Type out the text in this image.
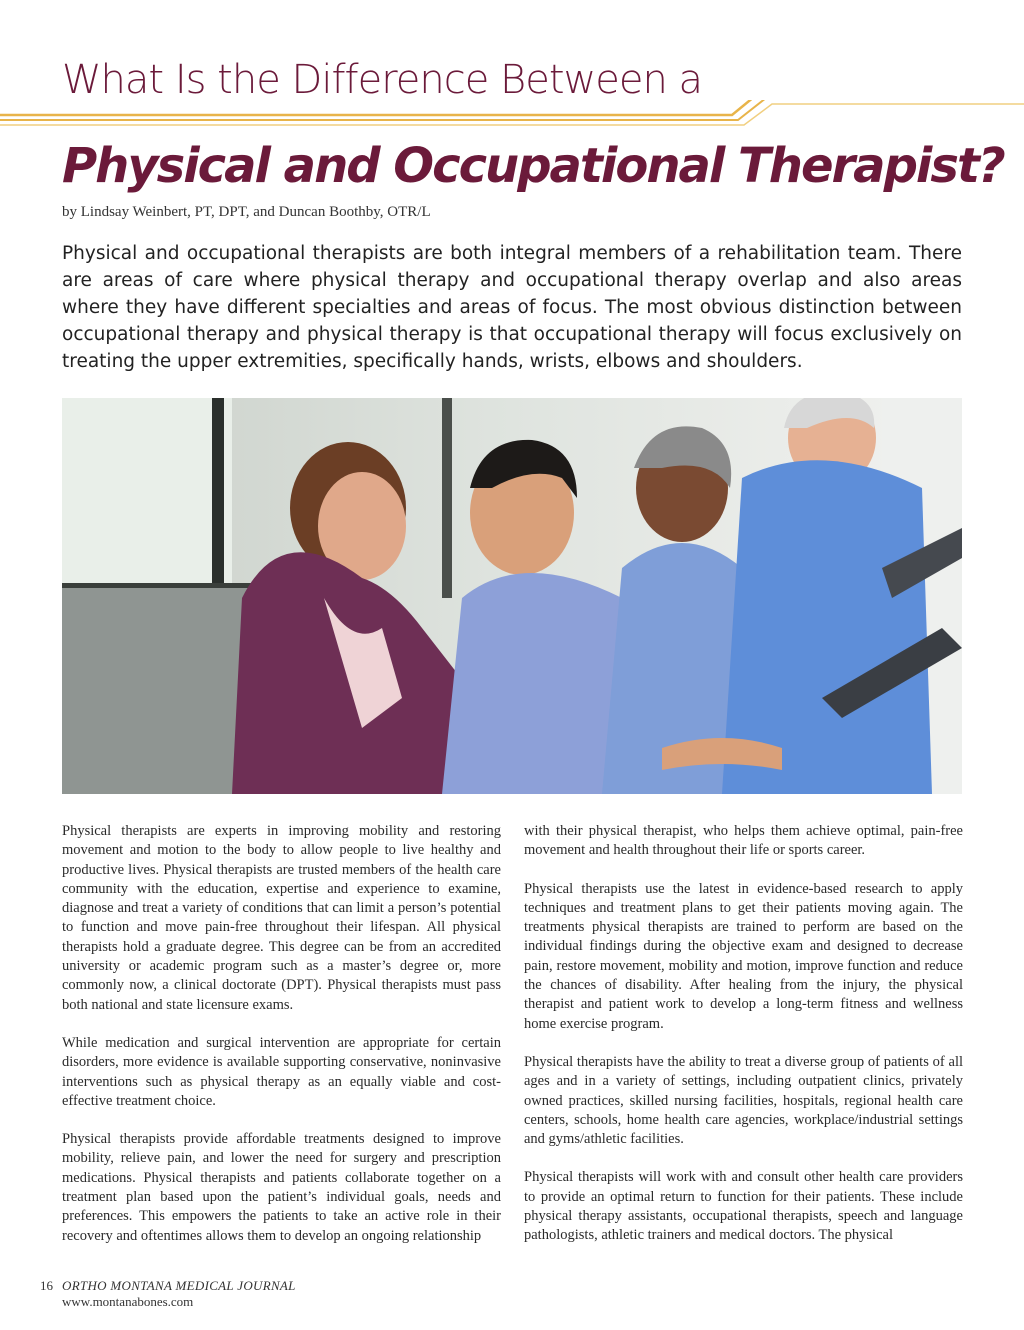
What Is the Difference Between a
Physical and Occupational Therapist?
by Lindsay Weinbert, PT, DPT, and Duncan Boothby, OTR/L
Physical and occupational therapists are both integral members of a rehabilitation team. There are areas of care where physical therapy and occupational therapy overlap and also areas where they have different specialties and areas of focus. The most obvious distinction between occupational therapy and physical therapy is that occupational therapy will focus exclusively on treating the upper extremities, specifically hands, wrists, elbows and shoulders.

Physical therapists are experts in improving mobility and restoring movement and motion to the body to allow people to live healthy and productive lives. Physical therapists are trusted members of the health care community with the education, expertise and experience to examine, diagnose and treat a variety of conditions that can limit a person’s potential to function and move pain-free throughout their lifespan. All physical therapists hold a graduate degree. This degree can be from an accredited university or academic program such as a master’s degree or, more commonly now, a clinical doctorate (DPT). Physical therapists must pass both national and state licensure exams.

While medication and surgical intervention are appropriate for certain disorders, more evidence is available supporting conservative, noninvasive interventions such as physical therapy as an equally viable and cost-effective treatment choice.

Physical therapists provide affordable treatments designed to improve mobility, relieve pain, and lower the need for surgery and prescription medications. Physical therapists and patients collaborate together on a treatment plan based upon the patient’s individual goals, needs and preferences. This empowers the patients to take an active role in their recovery and oftentimes allows them to develop an ongoing relationship

with their physical therapist, who helps them achieve optimal, pain-free movement and health throughout their life or sports career.

Physical therapists use the latest in evidence-based research to apply techniques and treatment plans to get their patients moving again. The treatments physical therapists are trained to perform are based on the individual findings during the objective exam and designed to decrease pain, restore movement, mobility and motion, improve function and reduce the chances of disability. After healing from the injury, the physical therapist and patient work to develop a long-term fitness and wellness home exercise program.

Physical therapists have the ability to treat a diverse group of patients of all ages and in a variety of settings, including outpatient clinics, privately owned practices, skilled nursing facilities, hospitals, regional health care centers, schools, home health care agencies, workplace/industrial settings and gyms/athletic facilities.

Physical therapists will work with and consult other health care providers to provide an optimal return to function for their patients. These include physical therapy assistants, occupational therapists, speech and language pathologists, athletic trainers and medical doctors. The physical

16 ORTHO MONTANA MEDICAL JOURNAL
www.montanabones.com
